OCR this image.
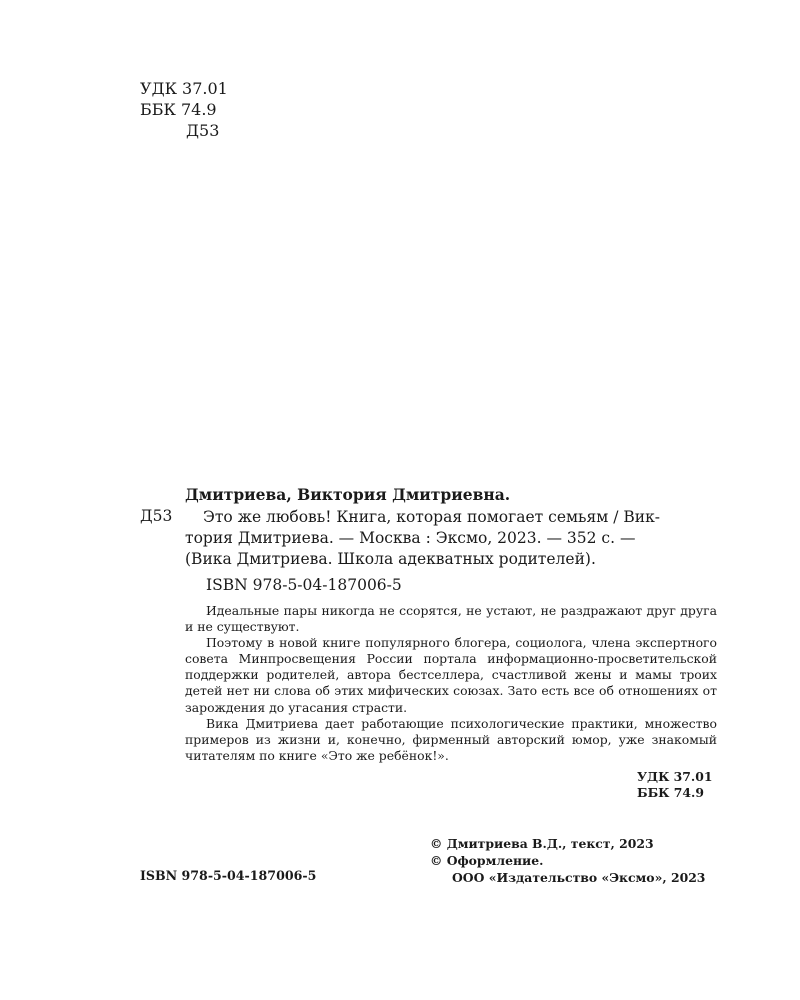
УДК 37.01
ББК 74.9
Д53
Дмитриева, Виктория Дмитриевна.
Д53	Это же любовь! Книга, которая помогает семьям / Вик-
тория Дмитриева. — Москва : Эксмо, 2023. — 352 с. —
(Вика Дмитриева. Школа адекватных родителей).
ISBN 978-5-04-187006-5

Идеальные пары никогда не ссорятся, не устают, не раздражают друг друга и не существуют.

Поэтому в новой книге популярного блогера, социолога, члена экспертного совета Минпросвещения России портала информационно-просветительской поддержки родителей, автора бестселлера, счастливой жены и мамы троих детей нет ни слова об этих мифических союзах. Зато есть все об отношениях от зарождения до угасания страсти.

Вика Дмитриева дает работающие психологические практики, множество примеров из жизни и, конечно, фирменный авторский юмор, уже знакомый читателям по книге «Это же ребёнок!».

УДК 37.01
ББК 74.9
© Дмитриева В.Д., текст, 2023
© Оформление.
ООО «Издательство «Эксмо», 2023
ISBN 978-5-04-187006-5
